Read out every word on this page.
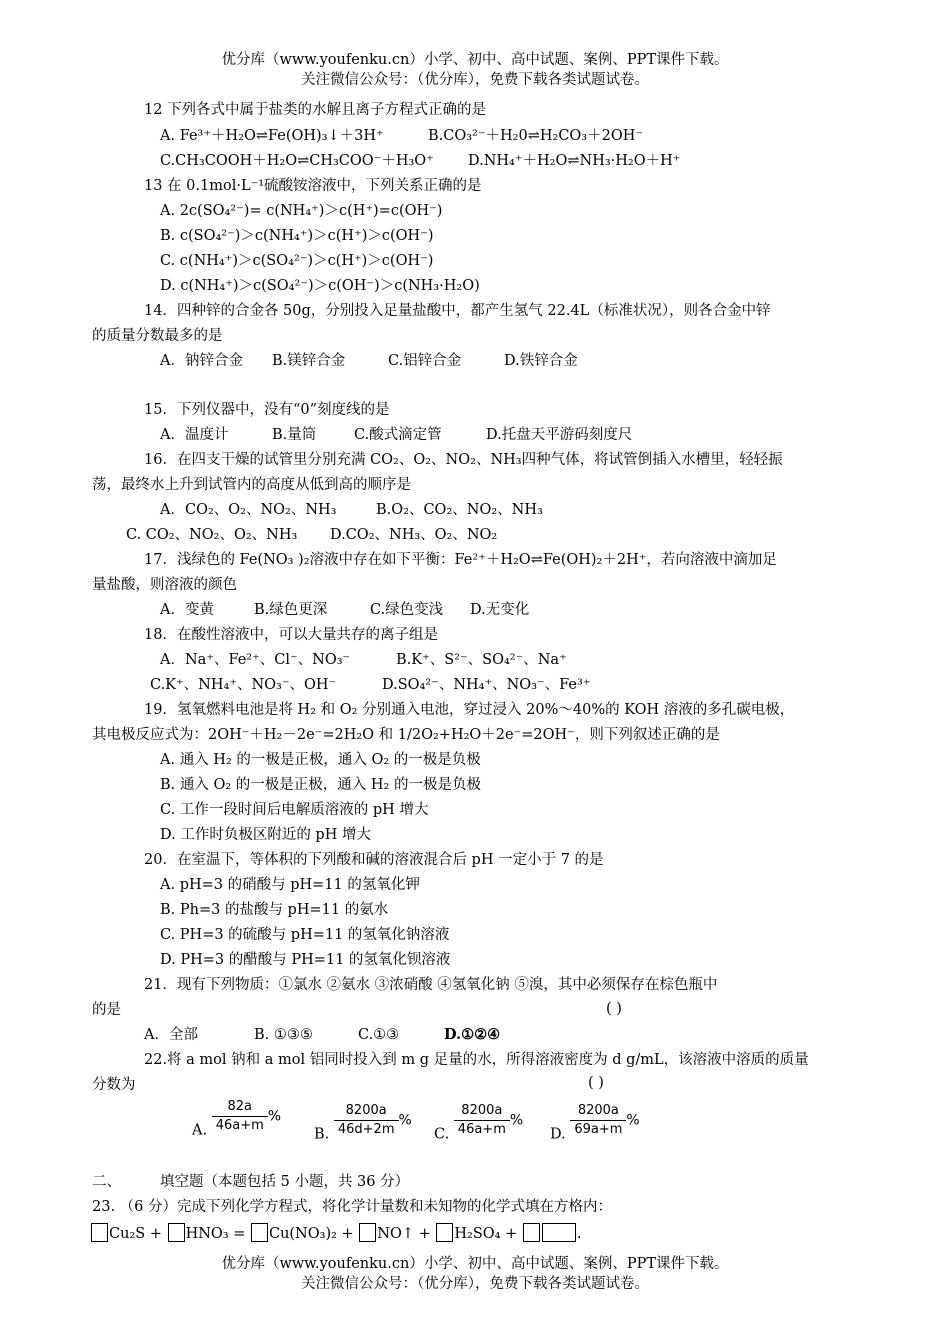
优分库（www.youfenku.cn）小学、初中、高中试题、案例、PPT课件下载。
关注微信公众号：（优分库），免费下载各类试题试卷。
12 下列各式中属于盐类的水解且离子方程式正确的是
A. Fe³⁺＋H₂O⇌Fe(OH)₃↓＋3H⁺	B.CO₃²⁻＋H₂0⇌H₂CO₃＋2OH⁻
C.CH₃COOH＋H₂O⇌CH₃COO⁻＋H₃O⁺ D.NH₄⁺＋H₂O⇌NH₃·H₂O＋H⁺
13 在 0.1mol·L⁻¹硫酸铵溶液中，下列关系正确的是
A. 2c(SO₄²⁻)= c(NH₄⁺)＞c(H⁺)=c(OH⁻)
B. c(SO₄²⁻)＞c(NH₄⁺)＞c(H⁺)＞c(OH⁻)
C. c(NH₄⁺)＞c(SO₄²⁻)＞c(H⁺)＞c(OH⁻)
D. c(NH₄⁺)＞c(SO₄²⁻)＞c(OH⁻)＞c(NH₃·H₂O)
14．四种锌的合金各 50g，分别投入足量盐酸中，都产生氢气 22.4L（标准状况），则各合金中锌
的质量分数最多的是
A．钠锌合金 B.镁锌合金	C.铝锌合金	D.铁锌合金
15．下列仪器中，没有“0”刻度线的是
A．温度计	B.量筒	C.酸式滴定管	D.托盘天平游码刻度尺
16．在四支干燥的试管里分别充满 CO₂、O₂、NO₂、NH₃四种气体，将试管倒插入水槽里，轻轻振
荡，最终水上升到试管内的高度从低到高的顺序是
A．CO₂、O₂、NO₂、NH₃	B.O₂、CO₂、NO₂、NH₃
C. CO₂、NO₂、O₂、NH₃ D.CO₂、NH₃、O₂、NO₂
17．浅绿色的 Fe(NO₃ )₂溶液中存在如下平衡：Fe²⁺＋H₂O⇌Fe(OH)₂＋2H⁺，若向溶液中滴加足
量盐酸，则溶液的颜色
A．变黄	B.绿色更深	C.绿色变浅 D.无变化
18．在酸性溶液中，可以大量共存的离子组是
A．Na⁺、Fe²⁺、Cl⁻、NO₃⁻	B.K⁺、S²⁻、SO₄²⁻、Na⁺
C.K⁺、NH₄⁺、NO₃⁻、OH⁻	D.SO₄²⁻、NH₄⁺、NO₃⁻、Fe³⁺
19．氢氧燃料电池是将 H₂ 和 O₂ 分别通入电池，穿过浸入 20%～40%的 KOH 溶液的多孔碳电极，
其电极反应式为：2OH⁻＋H₂－2e⁻=2H₂O 和 1/2O₂+H₂O＋2e⁻=2OH⁻，则下列叙述正确的是
A. 通入 H₂ 的一极是正极，通入 O₂ 的一极是负极
B. 通入 O₂ 的一极是正极，通入 H₂ 的一极是负极
C. 工作一段时间后电解质溶液的 pH 增大
D. 工作时负极区附近的 pH 增大
20．在室温下，等体积的下列酸和碱的溶液混合后 pH 一定小于 7 的是
A. pH=3 的硝酸与 pH=11 的氢氧化钾
B. Ph=3 的盐酸与 pH=11 的氨水
C. PH=3 的硫酸与 pH=11 的氢氧化钠溶液
D. PH=3 的醋酸与 PH=11 的氢氧化钡溶液
21．现有下列物质：①氯水 ②氨水 ③浓硝酸 ④氢氧化钠 ⑤溴，其中必须保存在棕色瓶中
的是	( )
A．全部	B. ①③⑤	C.①③	D.①②④
22.将 a mol 钠和 a mol 铝同时投入到 m g 足量的水，所得溶液密度为 d g/mL，该溶液中溶质的质量
分数为	( )
A. $\frac{82a}{46a+m}$ %
B. $\frac{8200a}{46d+2m}$ %
C. $\frac{8200a}{46a+m}$ %
D. $\frac{8200a}{69a+m}$ %
二、	填空题（本题包括 5 小题，共 36 分）
23. （6 分）完成下列化学方程式，将化学计量数和未知物的化学式填在方格内：
Cu₂S + HNO₃ = Cu(NO₃)₂ + NO↑ + H₂SO₄ +	.
优分库（www.youfenku.cn）小学、初中、高中试题、案例、PPT课件下载。
关注微信公众号：（优分库），免费下载各类试题试卷。
